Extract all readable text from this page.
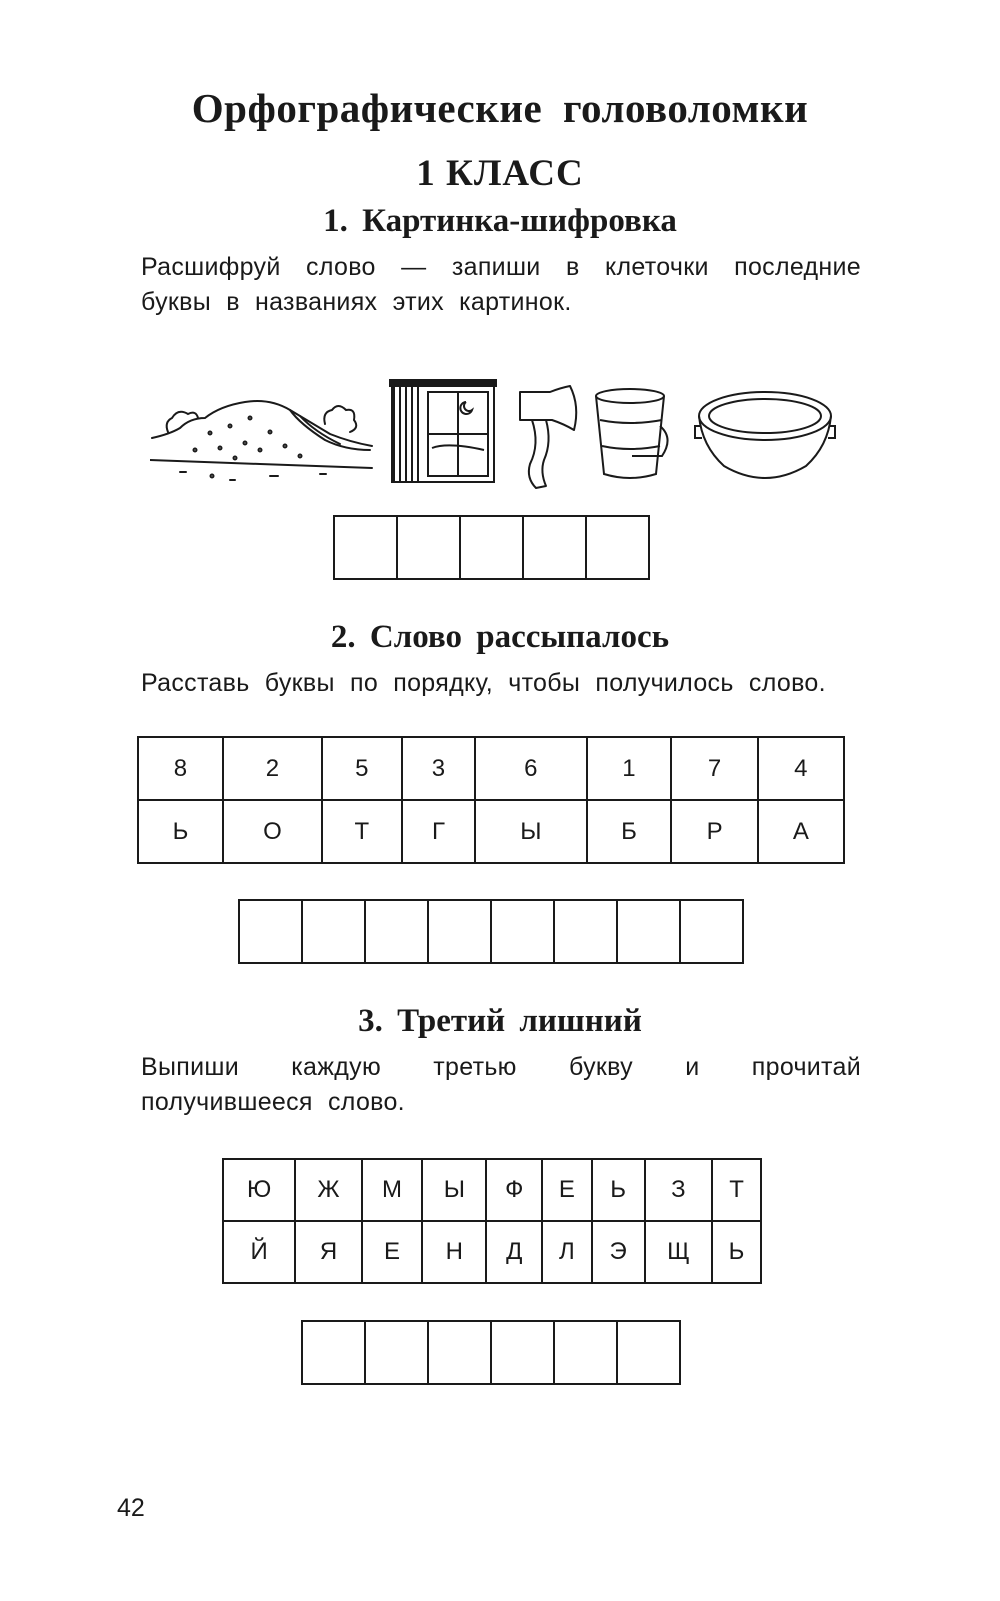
Орфографические головоломки
1 КЛАСС
1. Картинка-шифровка
Расшифруй слово — запиши в клеточки последние буквы в названиях этих картинок.
2. Слово рассыпалось
Расставь буквы по порядку, чтобы получилось слово.
8	2	5	3	6	1	7	4
Ь	О	Т	Г	Ы	Б	Р	А
3. Третий лишний
Выпиши каждую третью букву и прочитай получившееся слово.
Ю	Ж	М	Ы	Ф	Е	Ь	З	Т
Й	Я	Е	Н	Д	Л	Э	Щ	Ь
42
